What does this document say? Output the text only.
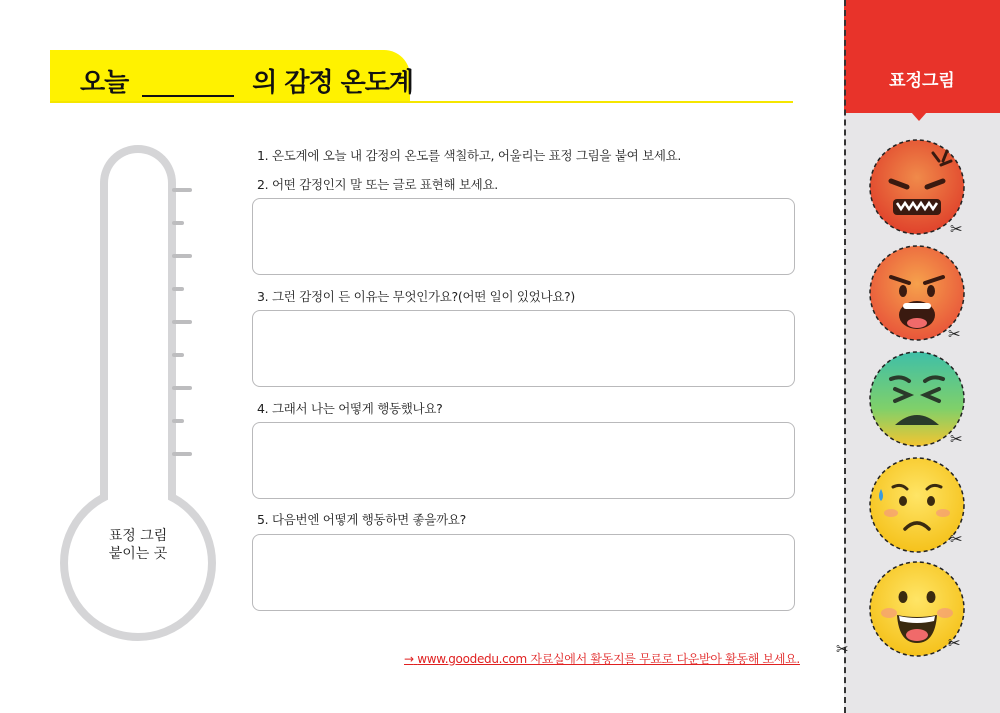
오늘	의 감정 온도계
표정 그림
붙이는 곳
1. 온도계에 오늘 내 감정의 온도를 색칠하고, 어울리는 표정 그림을 붙여 보세요.
2. 어떤 감정인지 말 또는 글로 표현해 보세요.
3. 그런 감정이 든 이유는 무엇인가요?(어떤 일이 있었나요?)
4. 그래서 나는 어떻게 행동했나요?
5. 다음번엔 어떻게 행동하면 좋을까요?
→ www.goodedu.com 자료실에서 활동지를 무료로 다운받아 활동해 보세요.
표정그림
✂
✂
✂
✂
✂
✂
